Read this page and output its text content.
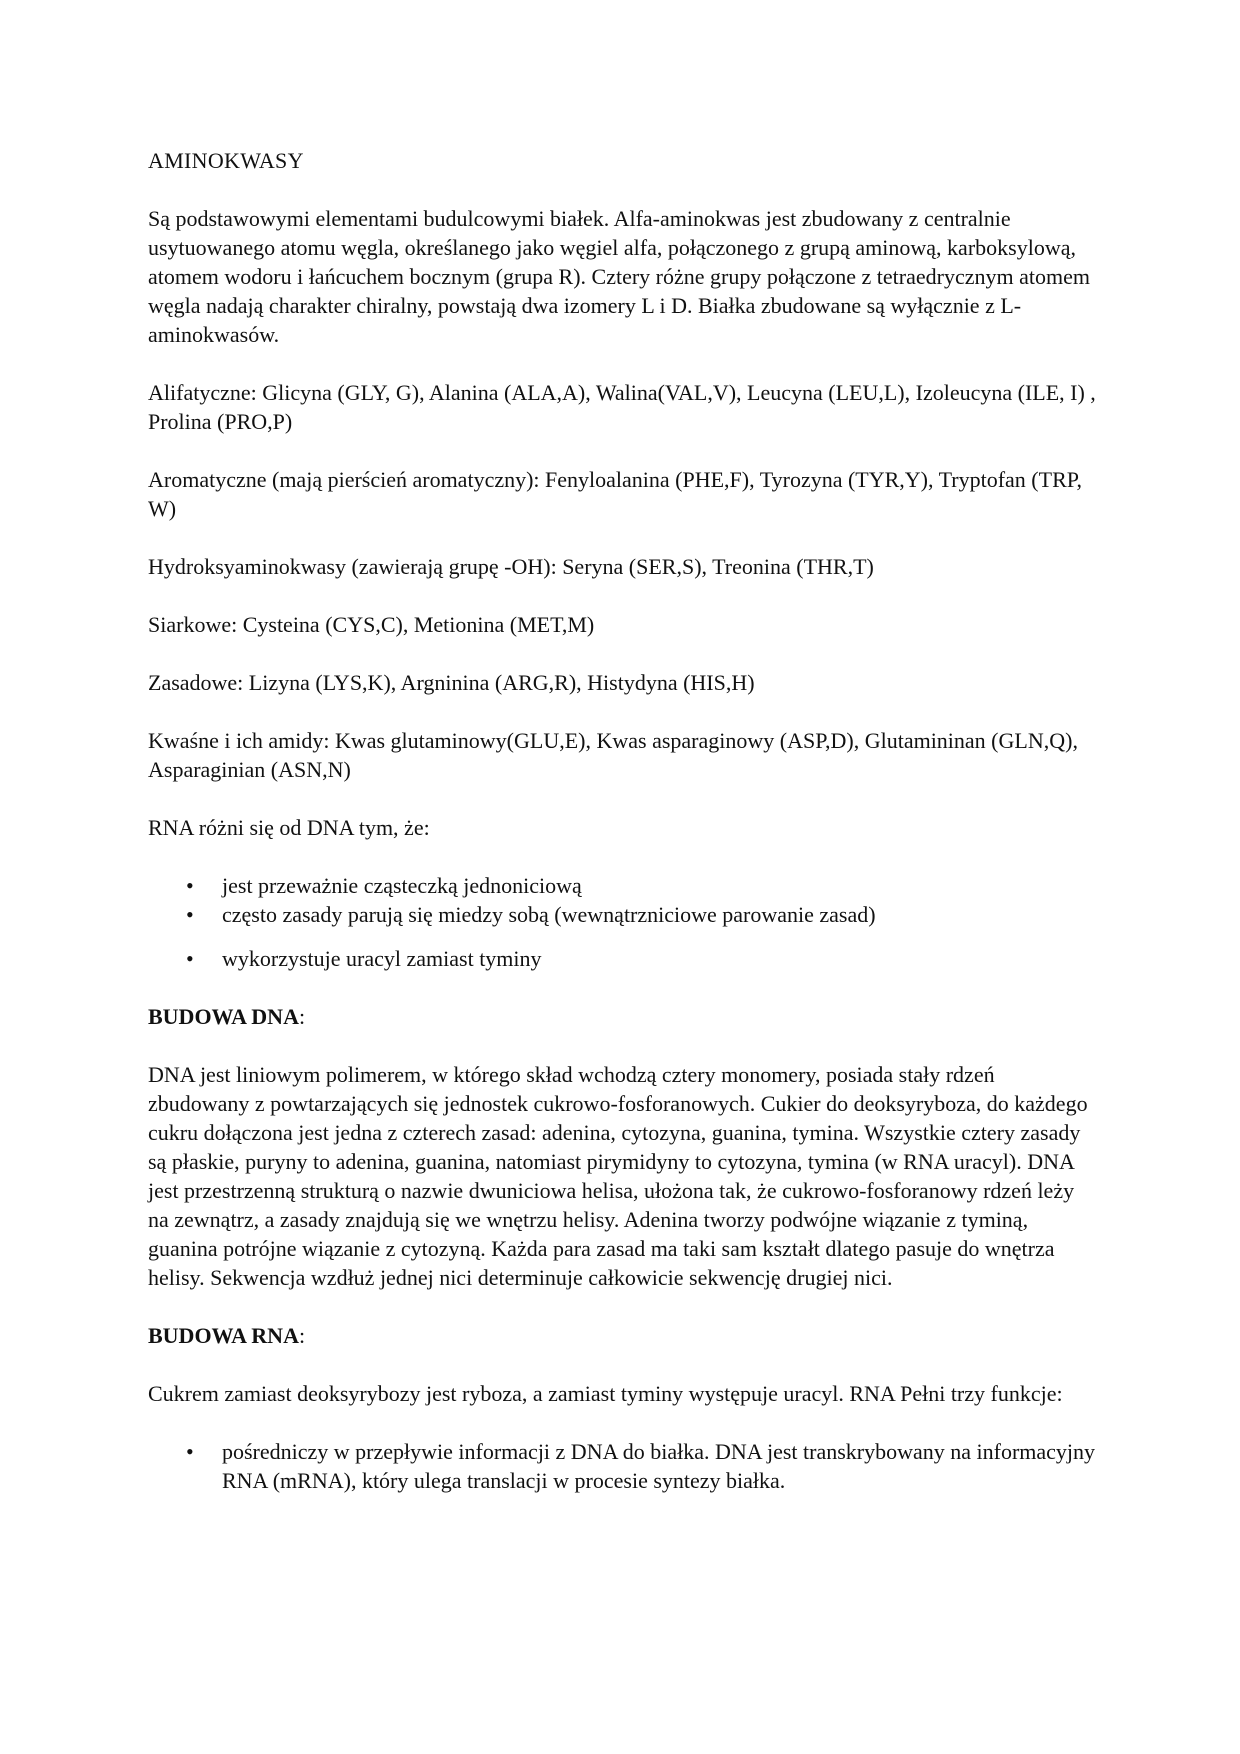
AMINOKWASY

Są podstawowymi elementami budulcowymi białek. Alfa-aminokwas jest zbudowany z centralnie usytuowanego atomu węgla, określanego jako węgiel alfa, połączonego z grupą aminową, karboksylową, atomem wodoru i łańcuchem bocznym (grupa R). Cztery różne grupy połączone z tetraedrycznym atomem węgla nadają charakter chiralny, powstają dwa izomery L i D. Białka zbudowane są wyłącznie z L-aminokwasów.

Alifatyczne: Glicyna (GLY, G), Alanina (ALA,A), Walina(VAL,V), Leucyna (LEU,L), Izoleucyna (ILE, I) , Prolina (PRO,P)

Aromatyczne (mają pierścień aromatyczny): Fenyloalanina (PHE,F), Tyrozyna (TYR,Y), Tryptofan (TRP, W)

Hydroksyaminokwasy (zawierają grupę -OH): Seryna (SER,S), Treonina (THR,T)

Siarkowe: Cysteina (CYS,C), Metionina (MET,M)

Zasadowe: Lizyna (LYS,K), Argninina (ARG,R), Histydyna (HIS,H)

Kwaśne i ich amidy: Kwas glutaminowy(GLU,E), Kwas asparaginowy (ASP,D), Glutamininan (GLN,Q), Asparaginian (ASN,N)

RNA różni się od DNA tym, że:

• jest przeważnie cząsteczką jednoniciową
• często zasady parują się miedzy sobą (wewnątrzniciowe parowanie zasad)
• wykorzystuje uracyl zamiast tyminy
BUDOWA DNA:

DNA jest liniowym polimerem, w którego skład wchodzą cztery monomery, posiada stały rdzeń zbudowany z powtarzających się jednostek cukrowo-fosforanowych. Cukier do deoksyryboza, do każdego cukru dołączona jest jedna z czterech zasad: adenina, cytozyna, guanina, tymina. Wszystkie cztery zasady są płaskie, puryny to adenina, guanina, natomiast pirymidyny to cytozyna, tymina (w RNA uracyl). DNA jest przestrzenną strukturą o nazwie dwuniciowa helisa, ułożona tak, że cukrowo-fosforanowy rdzeń leży na zewnątrz, a zasady znajdują się we wnętrzu helisy. Adenina tworzy podwójne wiązanie z tyminą, guanina potrójne wiązanie z cytozyną. Każda para zasad ma taki sam kształt dlatego pasuje do wnętrza helisy. Sekwencja wzdłuż jednej nici determinuje całkowicie sekwencję drugiej nici.

BUDOWA RNA:

Cukrem zamiast deoksyrybozy jest ryboza, a zamiast tyminy występuje uracyl. RNA Pełni trzy funkcje:

• pośredniczy w przepływie informacji z DNA do białka. DNA jest transkrybowany na informacyjny RNA (mRNA), który ulega translacji w procesie syntezy białka.
